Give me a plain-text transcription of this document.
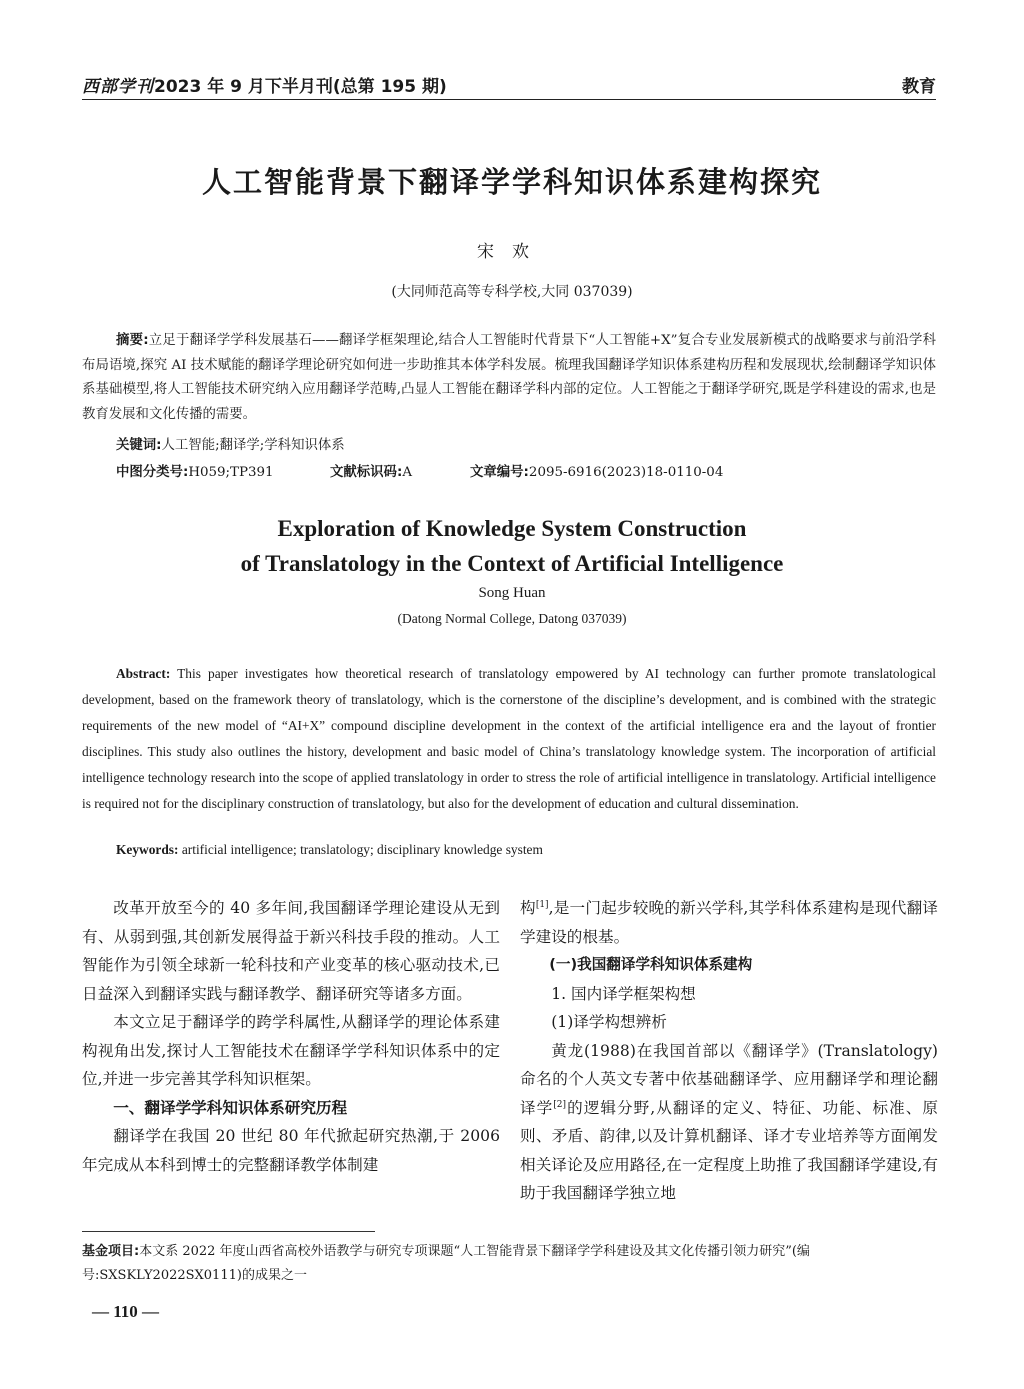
西部学刊2023 年 9 月下半月刊(总第 195 期)	教育
人工智能背景下翻译学学科知识体系建构探究
宋欢
(大同师范高等专科学校,大同 037039)
摘要:立足于翻译学学科发展基石——翻译学框架理论,结合人工智能时代背景下“人工智能+X”复合专业发展新模式的战略要求与前沿学科布局语境,探究 AI 技术赋能的翻译学理论研究如何进一步助推其本体学科发展。梳理我国翻译学知识体系建构历程和发展现状,绘制翻译学知识体系基础模型,将人工智能技术研究纳入应用翻译学范畴,凸显人工智能在翻译学科内部的定位。人工智能之于翻译学研究,既是学科建设的需求,也是教育发展和文化传播的需要。
关键词:人工智能;翻译学;学科知识体系
中图分类号:H059;TP391	文献标识码:A	文章编号:2095-6916(2023)18-0110-04
Exploration of Knowledge System Construction
of Translatology in the Context of Artificial Intelligence
Song Huan
(Datong Normal College, Datong 037039)
Abstract: This paper investigates how theoretical research of translatology empowered by AI technology can further promote translatological development, based on the framework theory of translatology, which is the cornerstone of the discipline’s development, and is combined with the strategic requirements of the new model of “AI+X” compound discipline development in the context of the artificial intelligence era and the layout of frontier disciplines. This study also outlines the history, development and basic model of China’s translatology knowledge system. The incorporation of artificial intelligence technology research into the scope of applied translatology in order to stress the role of artificial intelligence in translatology. Artificial intelligence is required not for the disciplinary construction of translatology, but also for the development of education and cultural dissemination.
Keywords: artificial intelligence; translatology; disciplinary knowledge system

改革开放至今的 40 多年间,我国翻译学理论建设从无到有、从弱到强,其创新发展得益于新兴科技手段的推动。人工智能作为引领全球新一轮科技和产业变革的核心驱动技术,已日益深入到翻译实践与翻译教学、翻译研究等诸多方面。

本文立足于翻译学的跨学科属性,从翻译学的理论体系建构视角出发,探讨人工智能技术在翻译学学科知识体系中的定位,并进一步完善其学科知识框架。

一、翻译学学科知识体系研究历程

翻译学在我国 20 世纪 80 年代掀起研究热潮,于 2006 年完成从本科到博士的完整翻译教学体制建

构[1],是一门起步较晚的新兴学科,其学科体系建构是现代翻译学建设的根基。

(一)我国翻译学科知识体系建构

1. 国内译学框架构想

(1)译学构想辨析

黄龙(1988)在我国首部以《翻译学》(Translatology)命名的个人英文专著中依基础翻译学、应用翻译学和理论翻译学[2]的逻辑分野,从翻译的定义、特征、功能、标准、原则、矛盾、韵律,以及计算机翻译、译才专业培养等方面阐发相关译论及应用路径,在一定程度上助推了我国翻译学建设,有助于我国翻译学独立地

基金项目:本文系 2022 年度山西省高校外语教学与研究专项课题“人工智能背景下翻译学学科建设及其文化传播引领力研究”(编号:SXSKLY2022SX0111)的成果之一
— 110 —
